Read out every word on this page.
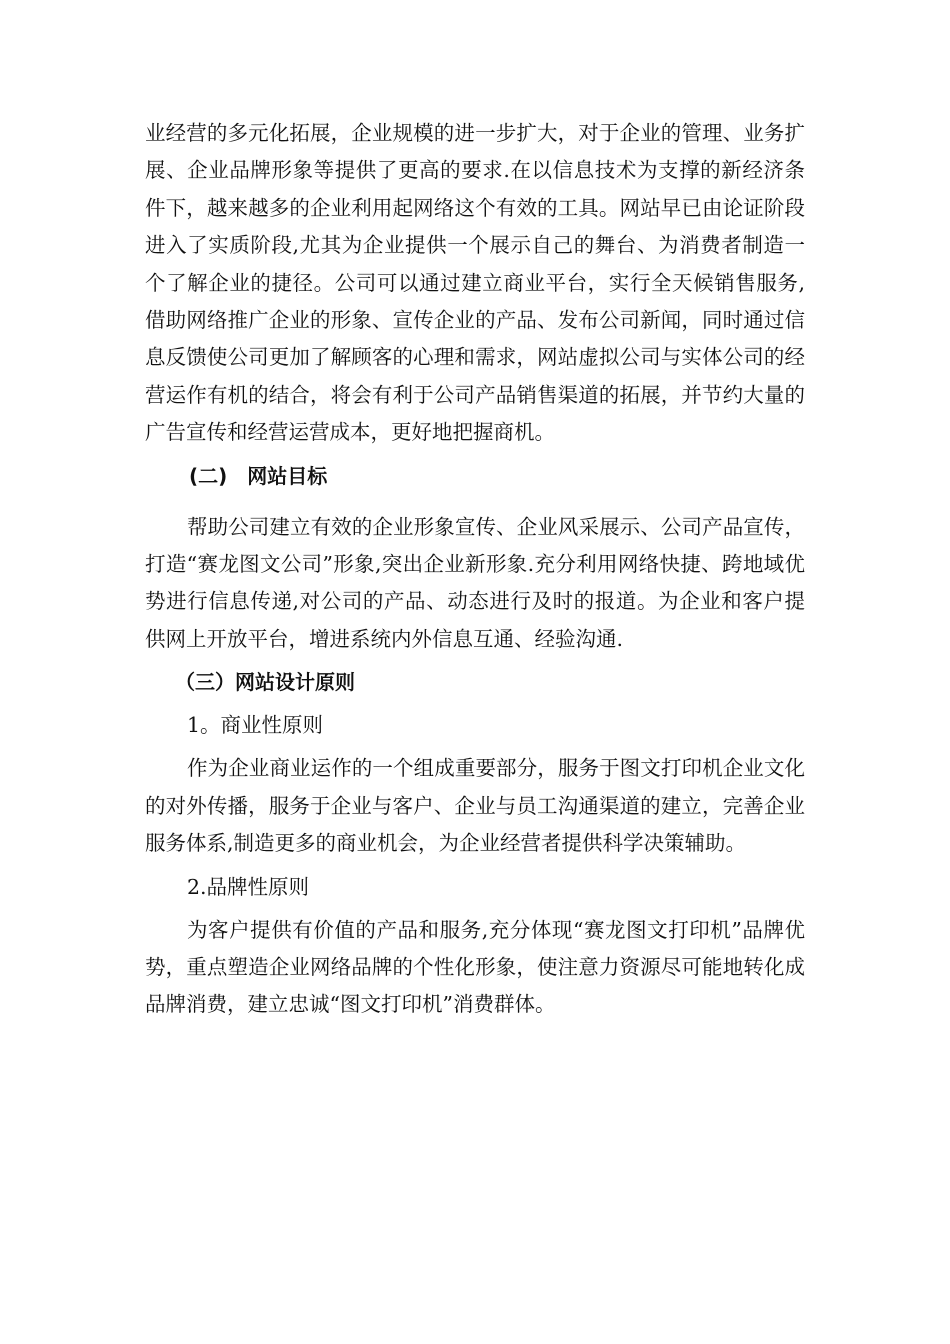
业经营的多元化拓展，企业规模的进一步扩大，对于企业的管理、业务扩展、企业品牌形象等提供了更高的要求.在以信息技术为支撑的新经济条件下，越来越多的企业利用起网络这个有效的工具。网站早已由论证阶段进入了实质阶段,尤其为企业提供一个展示自己的舞台、为消费者制造一个了解企业的捷径。公司可以通过建立商业平台，实行全天候销售服务,借助网络推广企业的形象、宣传企业的产品、发布公司新闻，同时通过信息反馈使公司更加了解顾客的心理和需求，网站虚拟公司与实体公司的经营运作有机的结合，将会有利于公司产品销售渠道的拓展，并节约大量的广告宣传和经营运营成本，更好地把握商机。

(二)　网站目标

帮助公司建立有效的企业形象宣传、企业风采展示、公司产品宣传，打造“赛龙图文公司”形象,突出企业新形象.充分利用网络快捷、跨地域优势进行信息传递,对公司的产品、动态进行及时的报道。为企业和客户提供网上开放平台，增进系统内外信息互通、经验沟通.

（三）网站设计原则

1。商业性原则

作为企业商业运作的一个组成重要部分，服务于图文打印机企业文化的对外传播，服务于企业与客户、企业与员工沟通渠道的建立，完善企业服务体系,制造更多的商业机会，为企业经营者提供科学决策辅助。

2.品牌性原则

为客户提供有价值的产品和服务,充分体现“赛龙图文打印机”品牌优势，重点塑造企业网络品牌的个性化形象，使注意力资源尽可能地转化成品牌消费，建立忠诚“图文打印机”消费群体。
